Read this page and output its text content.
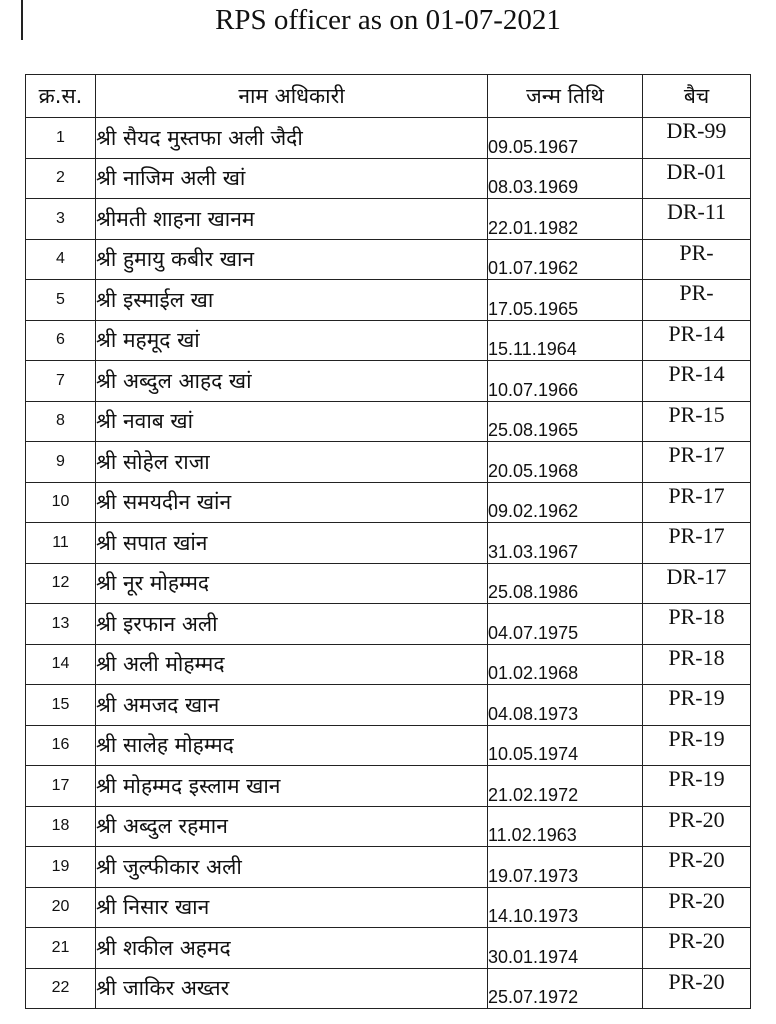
RPS officer as on 01-07-2021
क्र.स.	नाम अधिकारी	जन्म तिथि	बैच
1	श्री सैयद मुस्तफा अली जैदी	09.05.1967	DR-99
2	श्री नाजिम अली खां	08.03.1969	DR-01
3	श्रीमती शाहना खानम	22.01.1982	DR-11
4	श्री हुमायु कबीर खान	01.07.1962	PR-
5	श्री इस्माईल खा	17.05.1965	PR-
6	श्री महमूद खां	15.11.1964	PR-14
7	श्री अब्दुल आहद खां	10.07.1966	PR-14
8	श्री नवाब खां	25.08.1965	PR-15
9	श्री सोहेल राजा	20.05.1968	PR-17
10	श्री समयदीन खांन	09.02.1962	PR-17
11	श्री सपात खांन	31.03.1967	PR-17
12	श्री नूर मोहम्मद	25.08.1986	DR-17
13	श्री इरफान अली	04.07.1975	PR-18
14	श्री अली मोहम्मद	01.02.1968	PR-18
15	श्री अमजद खान	04.08.1973	PR-19
16	श्री सालेह मोहम्मद	10.05.1974	PR-19
17	श्री मोहम्मद इस्लाम खान	21.02.1972	PR-19
18	श्री अब्दुल रहमान	11.02.1963	PR-20
19	श्री जुल्फीकार अली	19.07.1973	PR-20
20	श्री निसार खान	14.10.1973	PR-20
21	श्री शकील अहमद	30.01.1974	PR-20
22	श्री जाकिर अख्तर	25.07.1972	PR-20
